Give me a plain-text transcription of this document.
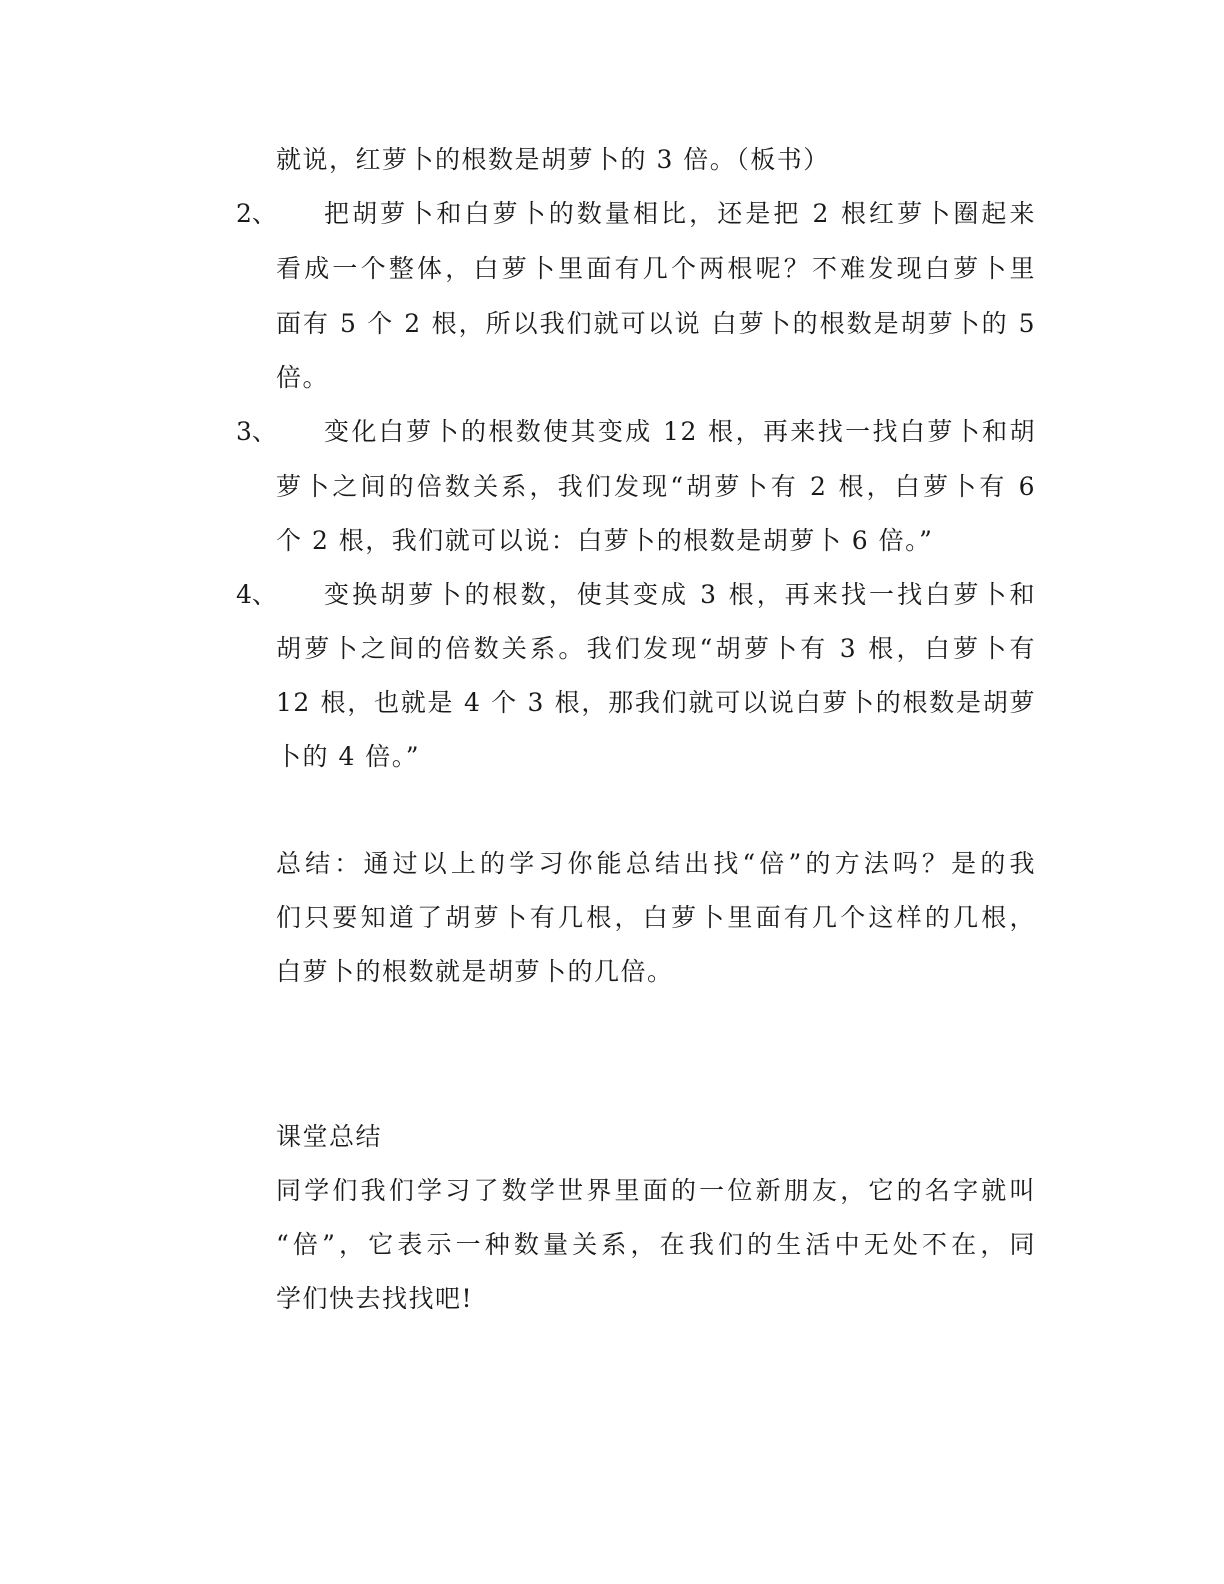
就说，红萝卜的根数是胡萝卜的 3 倍。（板书）
2、 把胡萝卜和白萝卜的数量相比，还是把 2 根红萝卜圈起来
看成一个整体，白萝卜里面有几个两根呢？不难发现白萝卜里
面有 5 个 2 根，所以我们就可以说 白萝卜的根数是胡萝卜的 5
倍。
3、 变化白萝卜的根数使其变成 12 根，再来找一找白萝卜和胡
萝卜之间的倍数关系，我们发现“胡萝卜有 2 根，白萝卜有 6
个 2 根，我们就可以说：白萝卜的根数是胡萝卜 6 倍。”
4、 变换胡萝卜的根数，使其变成 3 根，再来找一找白萝卜和
胡萝卜之间的倍数关系。我们发现“胡萝卜有 3 根，白萝卜有
12 根，也就是 4 个 3 根，那我们就可以说白萝卜的根数是胡萝
卜的 4 倍。”
总结：通过以上的学习你能总结出找“倍”的方法吗？是的我
们只要知道了胡萝卜有几根，白萝卜里面有几个这样的几根，
白萝卜的根数就是胡萝卜的几倍。
课堂总结
同学们我们学习了数学世界里面的一位新朋友，它的名字就叫
“倍”，它表示一种数量关系，在我们的生活中无处不在，同
学们快去找找吧!
